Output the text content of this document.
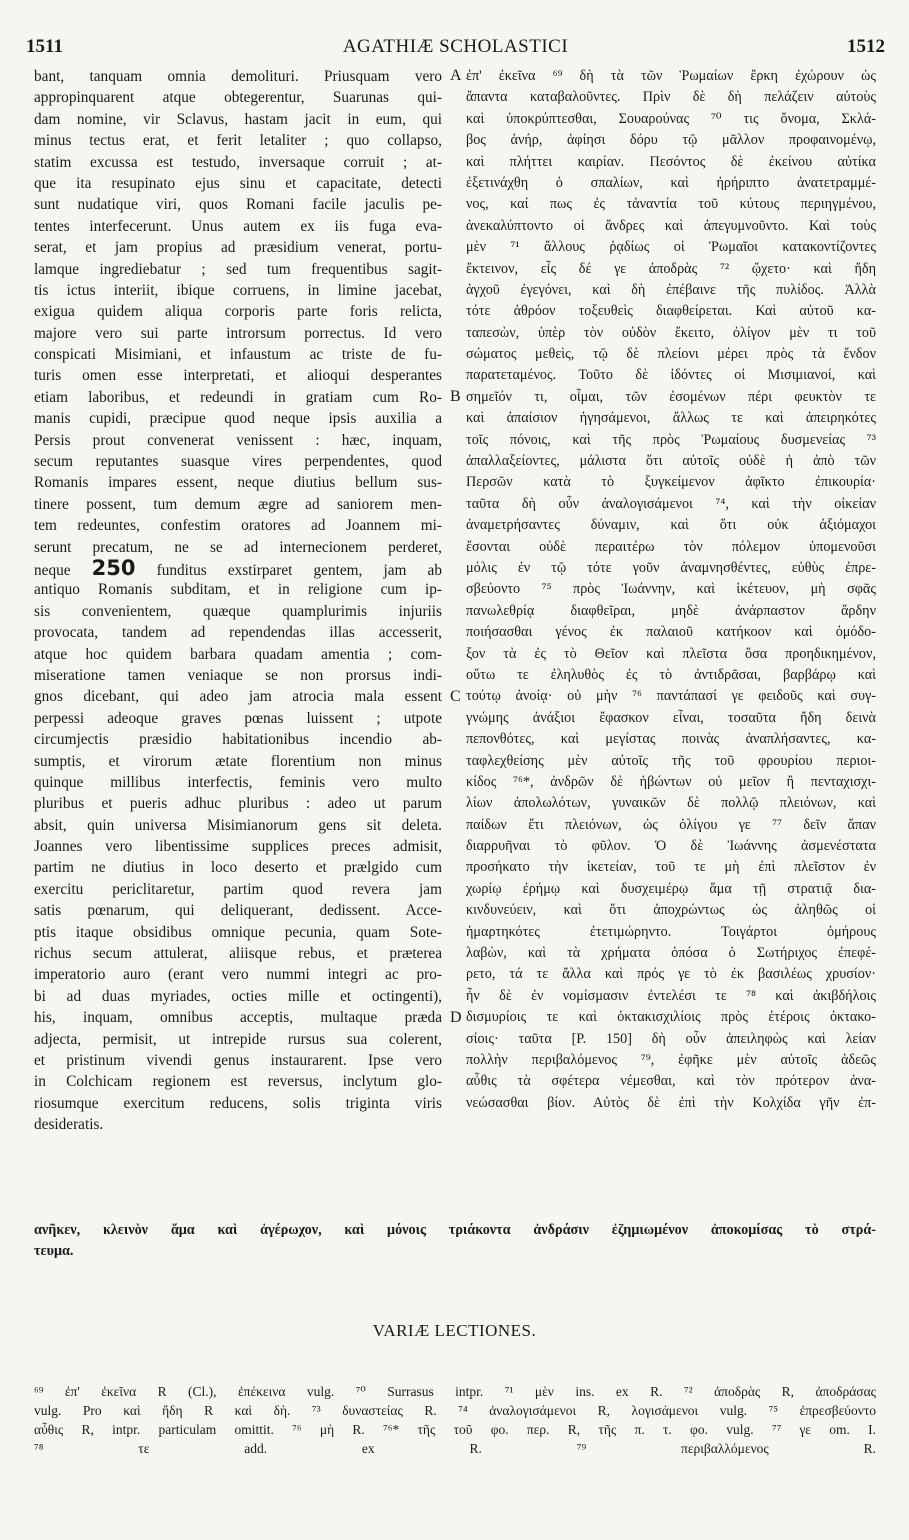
1511	AGATHIÆ SCHOLASTICI	1512
bant, tanquam omnia demolituri. Priusquam vero
appropinquarent atque obtegerentur, Suarunas qui-
dam nomine, vir Sclavus, hastam jacit in eum, qui
minus tectus erat, et ferit letaliter ; quo collapso,
statim excussa est testudo, inversaque corruit ; at-
que ita resupinato ejus sinu et capacitate, detecti
sunt nudatique viri, quos Romani facile jaculis pe-
tentes interfecerunt. Unus autem ex iis fuga eva-
serat, et jam propius ad præsidium venerat, portu-
lamque ingrediebatur ; sed tum frequentibus sagit-
tis ictus interiit, ibique corruens, in limine jacebat,
exigua quidem aliqua corporis parte foris relicta,
majore vero sui parte introrsum porrectus. Id vero
conspicati Misimiani, et infaustum ac triste de fu-
turis omen esse interpretati, et alioqui desperantes
etiam laboribus, et redeundi in gratiam cum Ro-
manis cupidi, præcipue quod neque ipsis auxilia a
Persis prout convenerat venissent : hæc, inquam,
secum reputantes suasque vires perpendentes, quod
Romanis impares essent, neque diutius bellum sus-
tinere possent, tum demum ægre ad saniorem men-
tem redeuntes, confestim oratores ad Joannem mi-
serunt precatum, ne se ad internecionem perderet,
neque 250 funditus exstirparet gentem, jam ab
antiquo Romanis subditam, et in religione cum ip-
sis convenientem, quæque quamplurimis injuriis
provocata, tandem ad rependendas illas accesserit,
atque hoc quidem barbara quadam amentia ; com-
miseratione tamen veniaque se non prorsus indi-
gnos dicebant, qui adeo jam atrocia mala essent
perpessi adeoque graves pœnas luissent ; utpote
circumjectis præsidio habitationibus incendio ab-
sumptis, et virorum ætate florentium non minus
quinque millibus interfectis, feminis vero multo
pluribus et pueris adhuc pluribus : adeo ut parum
absit, quin universa Misimianorum gens sit deleta.
Joannes vero libentissime supplices preces admisit,
partim ne diutius in loco deserto et prælgido cum
exercitu periclitaretur, partim quod revera jam
satis pœnarum, qui deliquerant, dedissent. Acce-
ptis itaque obsidibus omnique pecunia, quam Sote-
richus secum attulerat, aliisque rebus, et præterea
imperatorio auro (erant vero nummi integri ac pro-
bi ad duas myriades, octies mille et octingenti),
his, inquam, omnibus acceptis, multaque præda
adjecta, permisit, ut intrepide rursus sua colerent,
et pristinum vivendi genus instaurarent. Ipse vero
in Colchicam regionem est reversus, inclytum glo-
riosumque exercitum reducens, solis triginta viris
desideratis.
A
B
C
D
ἐπ' ἐκεῖνα ⁶⁹ δὴ τὰ τῶν Ῥωμαίων ἔρκη ἐχώρουν ὡς
ἅπαντα καταβαλοῦντες. Πρὶν δὲ δὴ πελάζειν αὐτοὺς
καὶ ὑποκρύπτεσθαι, Σουαρούνας ⁷⁰ τις ὄνομα, Σκλά-
βος ἀνήρ, ἀφίησι δόρυ τῷ μᾶλλον προφαινομένῳ,
καὶ πλήττει καιρίαν. Πεσόντος δὲ ἐκείνου αὐτίκα
ἐξετινάχθη ὁ σπαλίων, καὶ ἠρήριπτο ἀνατετραμμέ-
νος, καί πως ἐς τἀναντία τοῦ κύτους περιηγμένου,
ἀνεκαλύπτοντο οἱ ἄνδρες καὶ ἀπεγυμνοῦντο. Καὶ τοὺς
μὲν ⁷¹ ἄλλους ῥᾳδίως οἱ Ῥωμαῖοι κατακοντίζοντες
ἔκτεινον, εἷς δέ γε ἀποδρὰς ⁷² ᾤχετο· καὶ ἤδη
ἀγχοῦ ἐγεγόνει, καὶ δὴ ἐπέβαινε τῆς πυλίδος. Ἀλλὰ
τότε ἀθρόον τοξευθεὶς διαφθείρεται. Καὶ αὐτοῦ κα-
ταπεσὼν, ὑπὲρ τὸν οὐδὸν ἔκειτο, ὀλίγον μὲν τι τοῦ
σώματος μεθεὶς, τῷ δὲ πλείονι μέρει πρὸς τὰ ἔνδον
παρατεταμένος. Τοῦτο δὲ ἰδόντες οἱ Μισιμιανοί, καὶ
σημεῖόν τι, οἶμαι, τῶν ἐσομένων πέρι φευκτὸν τε
καὶ ἀπαίσιον ἡγησάμενοι, ἄλλως τε καὶ ἀπειρηκότες
τοῖς πόνοις, καὶ τῆς πρὸς Ῥωμαίους δυσμενείας ⁷³
ἀπαλλαξείοντες, μάλιστα ὅτι αὐτοῖς οὐδὲ ἡ ἀπὸ τῶν
Περσῶν κατὰ τὸ ξυγκείμενον ἀφῖκτο ἐπικουρία·
ταῦτα δὴ οὖν ἀναλογισάμενοι ⁷⁴, καὶ τὴν οἰκείαν
ἀναμετρήσαντες δύναμιν, καὶ ὅτι οὐκ ἀξιόμαχοι
ἔσονται οὐδὲ περαιτέρω τὸν πόλεμον ὑπομενοῦσι
μόλις ἐν τῷ τότε γοῦν ἀναμνησθέντες, εὐθὺς ἐπρε-
σβεύοντο ⁷⁵ πρὸς Ἰωάννην, καὶ ἱκέτευον, μὴ σφᾶς
πανωλεθρίᾳ διαφθεῖραι, μηδὲ ἀνάρπαστον ἄρδην
ποιήσασθαι γένος ἐκ παλαιοῦ κατήκοον καὶ ὁμόδο-
ξον τὰ ἐς τὸ Θεῖον καὶ πλεῖστα ὅσα προηδικημένον,
οὕτω τε ἐληλυθὸς ἐς τὸ ἀντιδρᾶσαι, βαρβάρῳ καὶ
τούτῳ ἀνοίᾳ· οὐ μὴν ⁷⁶ παντάπασί γε φειδοῦς καὶ συγ-
γνώμης ἀνάξιοι ἔφασκον εἶναι, τοσαῦτα ἤδη δεινὰ
πεπονθότες, καὶ μεγίστας ποινὰς ἀναπλήσαντες, κα-
ταφλεχθείσης μὲν αὐτοῖς τῆς τοῦ φρουρίου περιοι-
κίδος ⁷⁶*, ἀνδρῶν δὲ ἡβώντων οὐ μεῖον ἢ πενταχισχι-
λίων ἀπολωλότων, γυναικῶν δὲ πολλῷ πλειόνων, καὶ
παίδων ἔτι πλειόνων, ὡς ὀλίγου γε ⁷⁷ δεῖν ἅπαν
διαρρυῆναι τὸ φῦλον. Ὁ δὲ Ἰωάννης ἀσμενέστατα
προσήκατο τὴν ἱκετείαν, τοῦ τε μὴ ἐπὶ πλεῖστον ἐν
χωρίῳ ἐρήμῳ καὶ δυσχειμέρῳ ἅμα τῇ στρατιᾷ δια-
κινδυνεύειν, καὶ ὅτι ἀποχρώντως ὡς ἀληθῶς οἱ
ἡμαρτηκότες ἐτετιμώρηντο. Τοιγάρτοι ὁμήρους
λαβὼν, καὶ τὰ χρήματα ὁπόσα ὁ Σωτήριχος ἐπεφέ-
ρετο, τά τε ἄλλα καὶ πρός γε τὸ ἐκ βασιλέως χρυσίον·
ἦν δὲ ἐν νομίσμασιν ἐντελέσι τε ⁷⁸ καὶ ἀκιβδήλοις
δισμυρίοις τε καὶ ὀκτακισχιλίοις πρὸς ἑτέροις ὀκτακο-
σίοις· ταῦτα [P. 150] δὴ οὖν ἀπειληφὼς καὶ λείαν
πολλὴν περιβαλόμενος ⁷⁹, ἐφῆκε μὲν αὐτοῖς ἀδεῶς
αὖθις τὰ σφέτερα νέμεσθαι, καὶ τὸν πρότερον ἀνα-
νεώσασθαι βίον. Αὐτὸς δὲ ἐπὶ τὴν Κολχίδα γῆν ἐπ-
ανῆκεν, κλεινὸν ἅμα καὶ ἀγέρωχον, καὶ μόνοις τριάκοντα ἀνδράσιν ἐζημιωμένον ἀποκομίσας τὸ στρά-
τευμα.
VARIÆ LECTIONES.
⁶⁹ ἐπ' ἐκεῖνα R (Cl.), ἐπέκεινα vulg. ⁷⁰ Surrasus intpr. ⁷¹ μὲν ins. ex R. ⁷² ἀποδρὰς R, ἀποδράσας
vulg. Pro καὶ ἤδη R καὶ δὴ. ⁷³ δυναστείας R. ⁷⁴ ἀναλογισάμενοι R, λογισάμενοι vulg. ⁷⁵ ἐπρεσβεύοντο
αὖθις R, intpr. particulam omittit. ⁷⁶ μὴ R. ⁷⁶* τῆς τοῦ φο. περ. R, τῆς π. τ. φο. vulg. ⁷⁷ γε om. Ι.
⁷⁸ τε add. ex R. ⁷⁹ περιβαλλόμενος R.
